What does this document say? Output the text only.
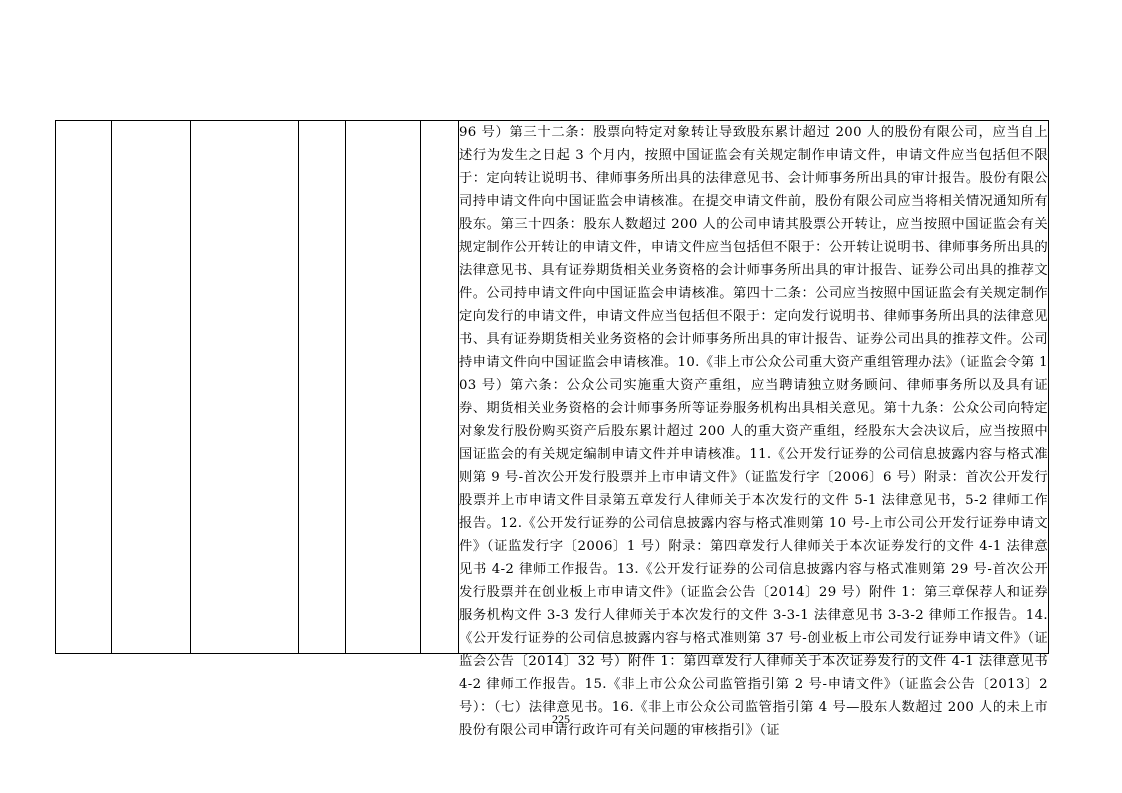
96 号）第三十二条：股票向特定对象转让导致股东累计超过 200 人的股份有限公司，应当自上述行为发生之日起 3 个月内，按照中国证监会有关规定制作申请文件，申请文件应当包括但不限于：定向转让说明书、律师事务所出具的法律意见书、会计师事务所出具的审计报告。股份有限公司持申请文件向中国证监会申请核准。在提交申请文件前，股份有限公司应当将相关情况通知所有股东。第三十四条：股东人数超过 200 人的公司申请其股票公开转让，应当按照中国证监会有关规定制作公开转让的申请文件，申请文件应当包括但不限于：公开转让说明书、律师事务所出具的法律意见书、具有证券期货相关业务资格的会计师事务所出具的审计报告、证券公司出具的推荐文件。公司持申请文件向中国证监会申请核准。第四十二条：公司应当按照中国证监会有关规定制作定向发行的申请文件，申请文件应当包括但不限于：定向发行说明书、律师事务所出具的法律意见书、具有证券期货相关业务资格的会计师事务所出具的审计报告、证券公司出具的推荐文件。公司持申请文件向中国证监会申请核准。10.《非上市公众公司重大资产重组管理办法》（证监会令第 103 号）第六条：公众公司实施重大资产重组，应当聘请独立财务顾问、律师事务所以及具有证券、期货相关业务资格的会计师事务所等证券服务机构出具相关意见。第十九条：公众公司向特定对象发行股份购买资产后股东累计超过 200 人的重大资产重组，经股东大会决议后，应当按照中国证监会的有关规定编制申请文件并申请核准。11.《公开发行证券的公司信息披露内容与格式准则第 9 号-首次公开发行股票并上市申请文件》（证监发行字〔2006〕6 号）附录：首次公开发行股票并上市申请文件目录第五章发行人律师关于本次发行的文件 5-1 法律意见书，5-2 律师工作报告。12.《公开发行证券的公司信息披露内容与格式准则第 10 号-上市公司公开发行证券申请文件》（证监发行字〔2006〕1 号）附录：第四章发行人律师关于本次证券发行的文件 4-1 法律意见书 4-2 律师工作报告。13.《公开发行证券的公司信息披露内容与格式准则第 29 号-首次公开发行股票并在创业板上市申请文件》（证监会公告〔2014〕29 号）附件 1：第三章保荐人和证券服务机构文件 3-3 发行人律师关于本次发行的文件 3-3-1 法律意见书 3-3-2 律师工作报告。14.《公开发行证券的公司信息披露内容与格式准则第 37 号-创业板上市公司发行证券申请文件》（证监会公告〔2014〕32 号）附件 1：第四章发行人律师关于本次证券发行的文件 4-1 法律意见书 4-2 律师工作报告。15.《非上市公众公司监管指引第 2 号-申请文件》（证监会公告〔2013〕2 号）：（七）法律意见书。16.《非上市公众公司监管指引第 4 号—股东人数超过 200 人的未上市股份有限公司申请行政许可有关问题的审核指引》（证
225
